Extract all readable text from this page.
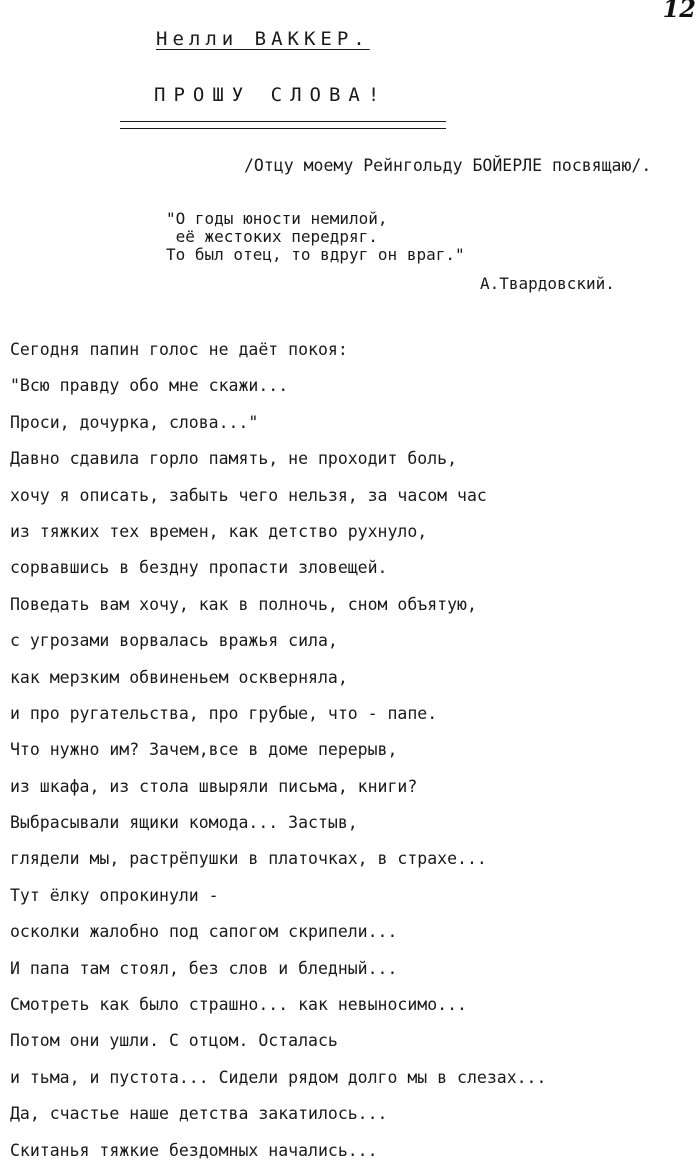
12
Нелли ВАККЕР.
ПРОШУ СЛОВА!
/Отцу моему Рейнгольду БОЙЕРЛЕ посвящаю/.
"О годы юности немилой,
её жестоких передряг.
То был отец, то вдруг он враг."
А.Твардовский.
Сегодня папин голос не даёт покоя:
"Всю правду обо мне скажи...
Проси, дочурка, слова..."
Давно сдавила горло память, не проходит боль,
хочу я описать, забыть чего нельзя, за часом час
из тяжких тех времен, как детство рухнуло,
сорвавшись в бездну пропасти зловещей.
Поведать вам хочу, как в полночь, сном объятую,
с угрозами ворвалась вражья сила,
как мерзким обвиненьем оскверняла,
и про ругательства, про грубые, что - папе.
Что нужно им? Зачем,все в доме перерыв,
из шкафа, из стола швыряли письма, книги?
Выбрасывали ящики комода... Застыв,
глядели мы, растрёпушки в платочках, в страхе...
Тут ёлку опрокинули -
осколки жалобно под сапогом скрипели...
И папа там стоял, без слов и бледный...
Смотреть как было страшно... как невыносимо...
Потом они ушли. С отцом. Осталась
и тьма, и пустота... Сидели рядом долго мы в слезах...
Да, счастье наше детства закатилось...
Скитанья тяжкие бездомных начались...
